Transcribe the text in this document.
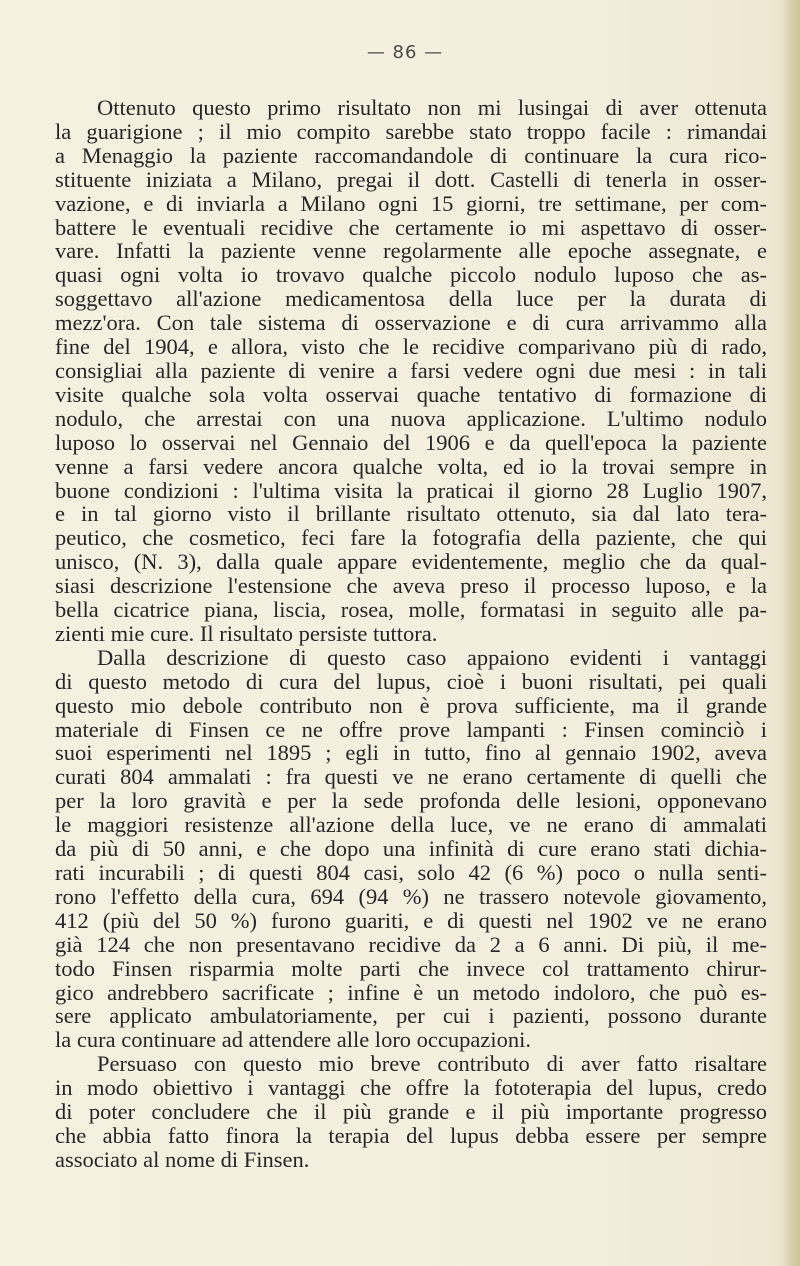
— 86 —
Ottenuto questo primo risultato non mi lusingai di aver ottenuta
la guarigione ; il mio compito sarebbe stato troppo facile : rimandai
a Menaggio la paziente raccomandandole di continuare la cura rico-
stituente iniziata a Milano, pregai il dott. Castelli di tenerla in osser-
vazione, e di inviarla a Milano ogni 15 giorni, tre settimane, per com-
battere le eventuali recidive che certamente io mi aspettavo di osser-
vare. Infatti la paziente venne regolarmente alle epoche assegnate, e
quasi ogni volta io trovavo qualche piccolo nodulo luposo che as-
soggettavo all'azione medicamentosa della luce per la durata di
mezz'ora. Con tale sistema di osservazione e di cura arrivammo alla
fine del 1904, e allora, visto che le recidive comparivano più di rado,
consigliai alla paziente di venire a farsi vedere ogni due mesi : in tali
visite qualche sola volta osservai quache tentativo di formazione di
nodulo, che arrestai con una nuova applicazione. L'ultimo nodulo
luposo lo osservai nel Gennaio del 1906 e da quell'epoca la paziente
venne a farsi vedere ancora qualche volta, ed io la trovai sempre in
buone condizioni : l'ultima visita la praticai il giorno 28 Luglio 1907,
e in tal giorno visto il brillante risultato ottenuto, sia dal lato tera-
peutico, che cosmetico, feci fare la fotografia della paziente, che qui
unisco, (N. 3), dalla quale appare evidentemente, meglio che da qual-
siasi descrizione l'estensione che aveva preso il processo luposo, e la
bella cicatrice piana, liscia, rosea, molle, formatasi in seguito alle pa-
zienti mie cure. Il risultato persiste tuttora.
Dalla descrizione di questo caso appaiono evidenti i vantaggi
di questo metodo di cura del lupus, cioè i buoni risultati, pei quali
questo mio debole contributo non è prova sufficiente, ma il grande
materiale di Finsen ce ne offre prove lampanti : Finsen cominciò i
suoi esperimenti nel 1895 ; egli in tutto, fino al gennaio 1902, aveva
curati 804 ammalati : fra questi ve ne erano certamente di quelli che
per la loro gravità e per la sede profonda delle lesioni, opponevano
le maggiori resistenze all'azione della luce, ve ne erano di ammalati
da più di 50 anni, e che dopo una infinità di cure erano stati dichia-
rati incurabili ; di questi 804 casi, solo 42 (6 %) poco o nulla senti-
rono l'effetto della cura, 694 (94 %) ne trassero notevole giovamento,
412 (più del 50 %) furono guariti, e di questi nel 1902 ve ne erano
già 124 che non presentavano recidive da 2 a 6 anni. Di più, il me-
todo Finsen risparmia molte parti che invece col trattamento chirur-
gico andrebbero sacrificate ; infine è un metodo indoloro, che può es-
sere applicato ambulatoriamente, per cui i pazienti, possono durante
la cura continuare ad attendere alle loro occupazioni.
Persuaso con questo mio breve contributo di aver fatto risaltare
in modo obiettivo i vantaggi che offre la fototerapia del lupus, credo
di poter concludere che il più grande e il più importante progresso
che abbia fatto finora la terapia del lupus debba essere per sempre
associato al nome di Finsen.
